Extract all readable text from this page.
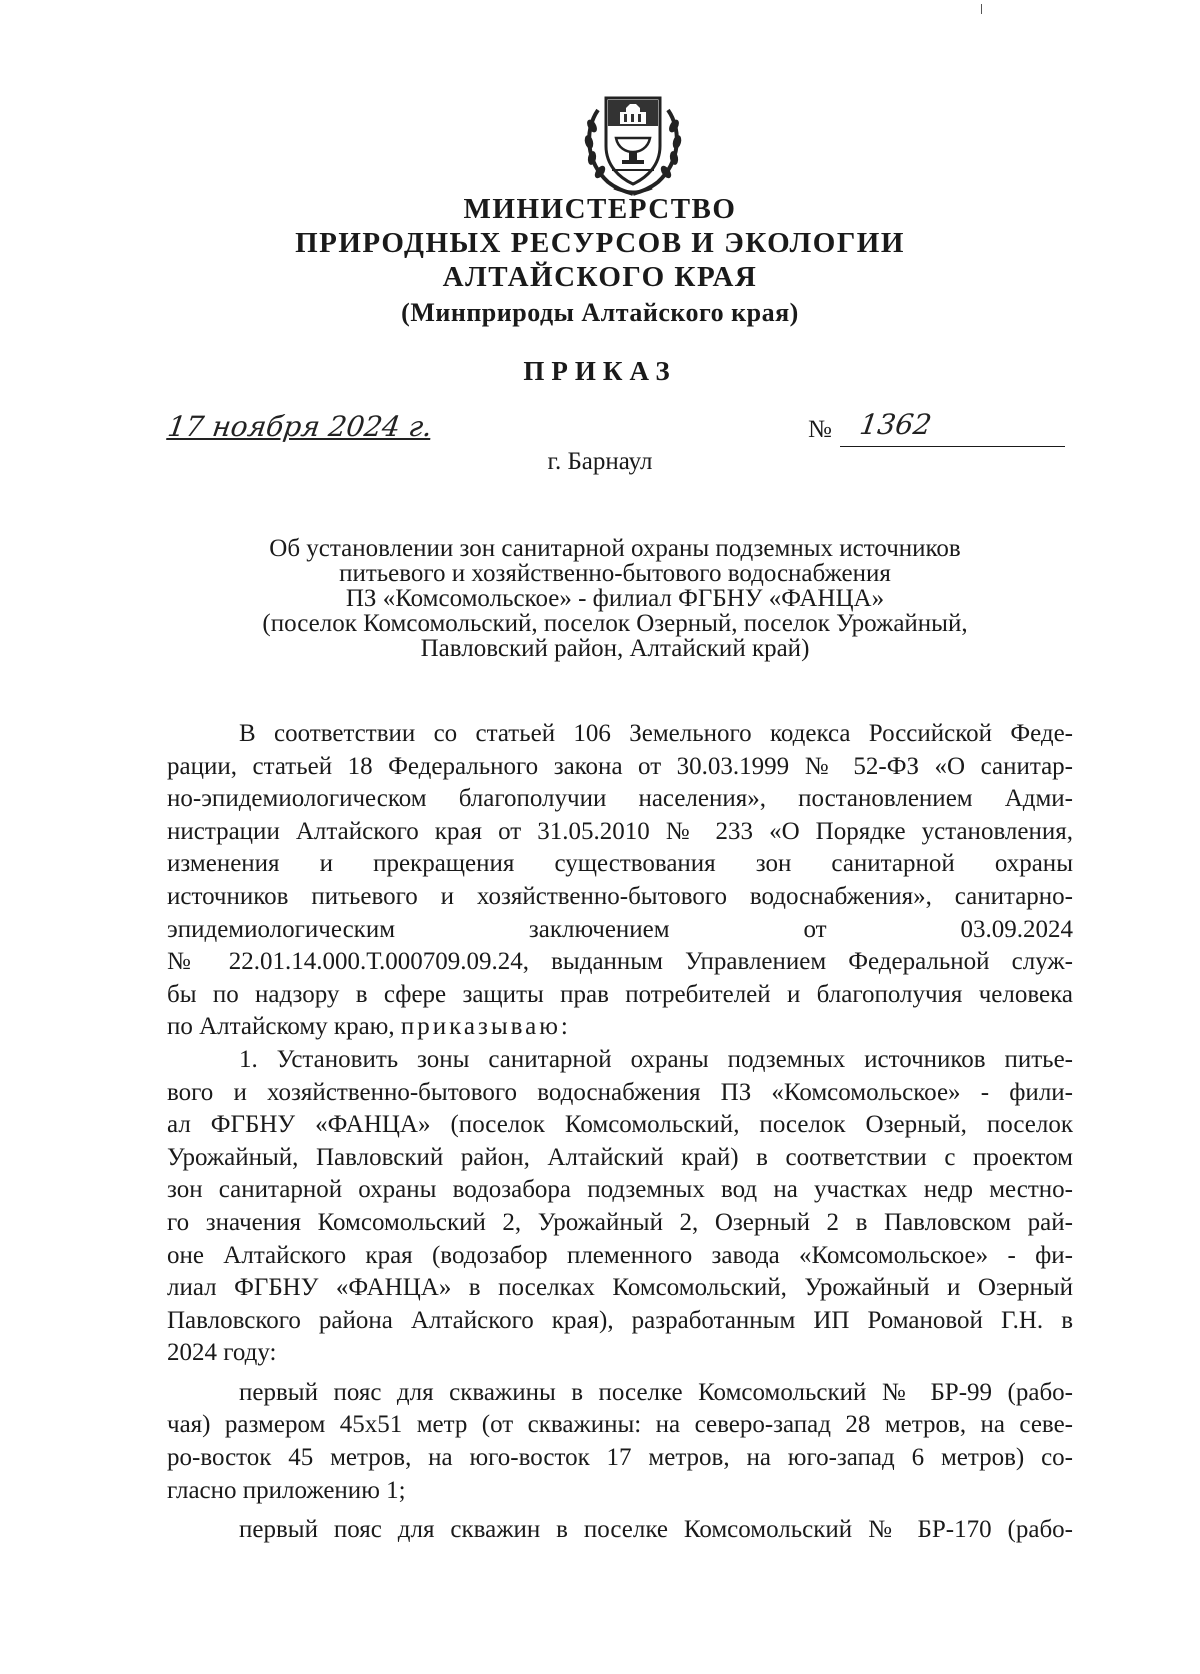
МИНИСТЕРСТВО
ПРИРОДНЫХ РЕСУРСОВ И ЭКОЛОГИИ
АЛТАЙСКОГО КРАЯ
(Минприроды Алтайского края)
ПРИКАЗ
17 ноября 2024 г.	№ 1362
г. Барнаул
Об установлении зон санитарной охраны подземных источников
питьевого и хозяйственно-бытового водоснабжения
ПЗ «Комсомольское» - филиал ФГБНУ «ФАНЦА»
(поселок Комсомольский, поселок Озерный, поселок Урожайный,
Павловский район, Алтайский край)

В соответствии со статьей 106 Земельного кодекса Российской Феде-

рации, статьей 18 Федерального закона от 30.03.1999 № 52-ФЗ «О санитар-

но-эпидемиологическом благополучии населения», постановлением Адми-

нистрации Алтайского края от 31.05.2010 № 233 «О Порядке установления,

изменения и прекращения существования зон санитарной охраны

источников питьевого и хозяйственно-бытового водоснабжения», санитарно-

эпидемиологическим заключением от 03.09.2024

№ 22.01.14.000.Т.000709.09.24, выданным Управлением Федеральной служ-

бы по надзору в сфере защиты прав потребителей и благополучия человека

по Алтайскому краю, приказываю:

1. Установить зоны санитарной охраны подземных источников питье-

вого и хозяйственно-бытового водоснабжения ПЗ «Комсомольское» - фили-

ал ФГБНУ «ФАНЦА» (поселок Комсомольский, поселок Озерный, поселок

Урожайный, Павловский район, Алтайский край) в соответствии с проектом

зон санитарной охраны водозабора подземных вод на участках недр местно-

го значения Комсомольский 2, Урожайный 2, Озерный 2 в Павловском рай-

оне Алтайского края (водозабор племенного завода «Комсомольское» - фи-

лиал ФГБНУ «ФАНЦА» в поселках Комсомольский, Урожайный и Озерный

Павловского района Алтайского края), разработанным ИП Романовой Г.Н. в

2024 году:

первый пояс для скважины в поселке Комсомольский № БР-99 (рабо-

чая) размером 45х51 метр (от скважины: на северо-запад 28 метров, на севе-

ро-восток 45 метров, на юго-восток 17 метров, на юго-запад 6 метров) со-

гласно приложению 1;

первый пояс для скважин в поселке Комсомольский № БР-170 (рабо-
